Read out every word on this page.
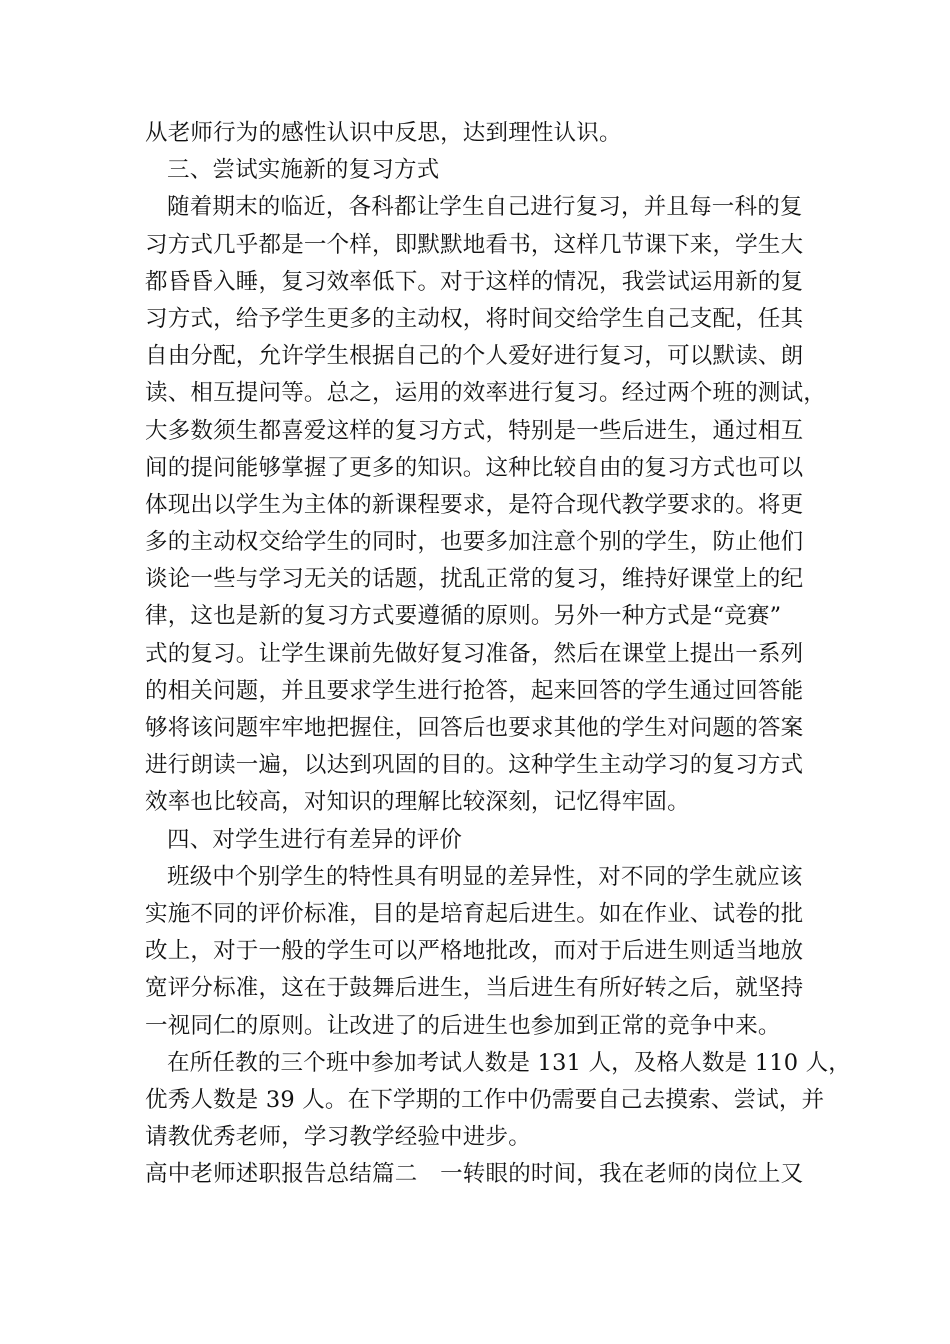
从老师行为的感性认识中反思，达到理性认识。
三、尝试实施新的复习方式
随着期末的临近，各科都让学生自己进行复习，并且每一科的复
习方式几乎都是一个样，即默默地看书，这样几节课下来，学生大
都昏昏入睡，复习效率低下。对于这样的情况，我尝试运用新的复
习方式，给予学生更多的主动权，将时间交给学生自己支配，任其
自由分配，允许学生根据自己的个人爱好进行复习，可以默读、朗
读、相互提问等。总之，运用的效率进行复习。经过两个班的测试，
大多数须生都喜爱这样的复习方式，特别是一些后进生，通过相互
间的提问能够掌握了更多的知识。这种比较自由的复习方式也可以
体现出以学生为主体的新课程要求，是符合现代教学要求的。将更
多的主动权交给学生的同时，也要多加注意个别的学生，防止他们
谈论一些与学习无关的话题，扰乱正常的复习，维持好课堂上的纪
律，这也是新的复习方式要遵循的原则。另外一种方式是“竞赛”
式的复习。让学生课前先做好复习准备，然后在课堂上提出一系列
的相关问题，并且要求学生进行抢答，起来回答的学生通过回答能
够将该问题牢牢地把握住，回答后也要求其他的学生对问题的答案
进行朗读一遍，以达到巩固的目的。这种学生主动学习的复习方式
效率也比较高，对知识的理解比较深刻，记忆得牢固。
四、对学生进行有差异的评价
班级中个别学生的特性具有明显的差异性，对不同的学生就应该
实施不同的评价标准，目的是培育起后进生。如在作业、试卷的批
改上，对于一般的学生可以严格地批改，而对于后进生则适当地放
宽评分标准，这在于鼓舞后进生，当后进生有所好转之后，就坚持
一视同仁的原则。让改进了的后进生也参加到正常的竞争中来。
在所任教的三个班中参加考试人数是 131 人，及格人数是 110 人，
优秀人数是 39 人。在下学期的工作中仍需要自己去摸索、尝试，并
请教优秀老师，学习教学经验中进步。
高中老师述职报告总结篇二　一转眼的时间，我在老师的岗位上又
